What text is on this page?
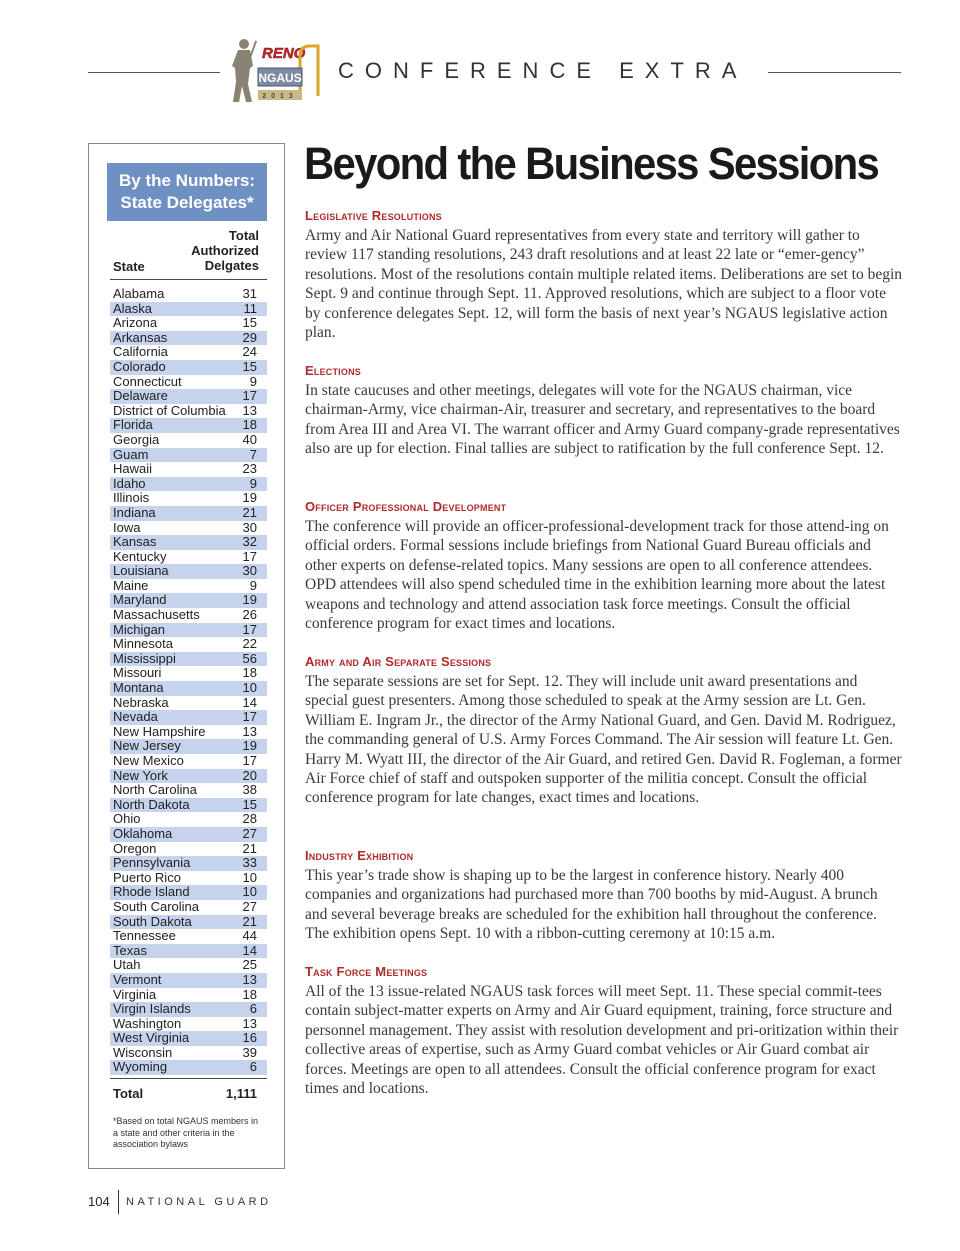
RENO
NGAUS
2013
CONFERENCE EXTRA
By the Numbers:
State Delegates*
State
Total
Authorized
Delgates
Alabama	31
Alaska	11
Arizona	15
Arkansas	29
California	24
Colorado	15
Connecticut	9
Delaware	17
District of Columbia 13
Florida	18
Georgia	40
Guam	7
Hawaii	23
Idaho	9
Illinois	19
Indiana	21
Iowa	30
Kansas	32
Kentucky	17
Louisiana	30
Maine	9
Maryland	19
Massachusetts	26
Michigan	17
Minnesota	22
Mississippi	56
Missouri	18
Montana	10
Nebraska	14
Nevada	17
New Hampshire	13
New Jersey	19
New Mexico	17
New York	20
North Carolina	38
North Dakota	15
Ohio	28
Oklahoma	27
Oregon	21
Pennsylvania	33
Puerto Rico	10
Rhode Island	10
South Carolina	27
South Dakota	21
Tennessee	44
Texas	14
Utah	25
Vermont	13
Virginia	18
Virgin Islands	6
Washington	13
West Virginia	16
Wisconsin	39
Wyoming	6
Total	1,111
*Based on total NGAUS members in a state and other criteria in the association bylaws
Beyond the Business Sessions
Legislative Resolutions

Army and Air National Guard representatives from every state and territory will gather to review 117 standing resolutions, 243 draft resolutions and at least 22 late or “emer-gency” resolutions. Most of the resolutions contain multiple related items. Deliberations are set to begin Sept. 9 and continue through Sept. 11. Approved resolutions, which are subject to a floor vote by conference delegates Sept. 12, will form the basis of next year’s NGAUS legislative action plan.

Elections

In state caucuses and other meetings, delegates will vote for the NGAUS chairman, vice chairman-Army, vice chairman-Air, treasurer and secretary, and representatives to the board from Area III and Area VI. The warrant officer and Army Guard company-grade representatives also are up for election. Final tallies are subject to ratification by the full conference Sept. 12.

Officer Professional Development

The conference will provide an officer-professional-development track for those attend-ing on official orders. Formal sessions include briefings from National Guard Bureau officials and other experts on defense-related topics. Many sessions are open to all conference attendees. OPD attendees will also spend scheduled time in the exhibition learning more about the latest weapons and technology and attend association task force meetings. Consult the official conference program for exact times and locations.

Army and Air Separate Sessions

The separate sessions are set for Sept. 12. They will include unit award presentations and special guest presenters. Among those scheduled to speak at the Army session are Lt. Gen. William E. Ingram Jr., the director of the Army National Guard, and Gen. David M. Rodriguez, the commanding general of U.S. Army Forces Command. The Air session will feature Lt. Gen. Harry M. Wyatt III, the director of the Air Guard, and retired Gen. David R. Fogleman, a former Air Force chief of staff and outspoken supporter of the militia concept. Consult the official conference program for late changes, exact times and locations.

Industry Exhibition

This year’s trade show is shaping up to be the largest in conference history. Nearly 400 companies and organizations had purchased more than 700 booths by mid-August. A brunch and several beverage breaks are scheduled for the exhibition hall throughout the conference. The exhibition opens Sept. 10 with a ribbon-cutting ceremony at 10:15 a.m.

Task Force Meetings

All of the 13 issue-related NGAUS task forces will meet Sept. 11. These special commit-tees contain subject-matter experts on Army and Air Guard equipment, training, force structure and personnel management. They assist with resolution development and pri-oritization within their collective areas of expertise, such as Army Guard combat vehicles or Air Guard combat air forces. Meetings are open to all attendees. Consult the official conference program for exact times and locations.

104 NATIONAL GUARD
